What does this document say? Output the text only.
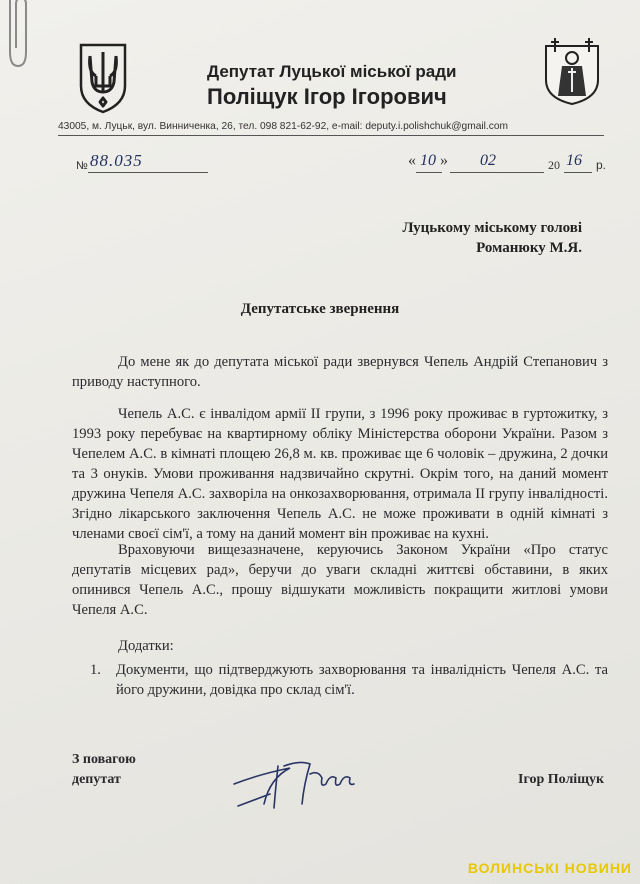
Депутат Луцької міської ради
Поліщук Ігор Ігорович
43005, м. Луцьк, вул. Винниченка, 26, тел. 098 821-62-92, e-mail: deputy.i.polishchuk@gmail.com
№ 88.035	« 10 » 02	20 16 р.
Луцькому міському голові
Романюку М.Я.
Депутатське звернення
До мене як до депутата міської ради звернувся Чепель Андрій Степанович з приводу наступного.
Чепель А.С. є інвалідом армії ІІ групи, з 1996 року проживає в гуртожитку, з 1993 року перебуває на квартирному обліку Міністерства оборони України. Разом з Чепелем А.С. в кімнаті площею 26,8 м. кв. проживає ще 6 чоловік – дружина, 2 дочки та 3 онуків. Умови проживання надзвичайно скрутні. Окрім того, на даний момент дружина Чепеля А.С. захворіла на онкозахворювання, отримала ІІ групу інвалідності. Згідно лікарського заключення Чепель А.С. не може проживати в одній кімнаті з членами своєї сім'ї, а тому на даний момент він проживає на кухні.
Враховуючи вищезазначене, керуючись Законом України «Про статус депутатів місцевих рад», беручи до уваги складні життєві обставини, в яких опинився Чепель А.С., прошу відшукати можливість покращити житлові умови Чепеля А.С.
Додатки:
1. Документи, що підтверджують захворювання та інвалідність Чепеля А.С. та його дружини, довідка про склад сім'ї.
З повагою
депутат	Ігор Поліщук
ВОЛИНСЬКІ НОВИНИ
